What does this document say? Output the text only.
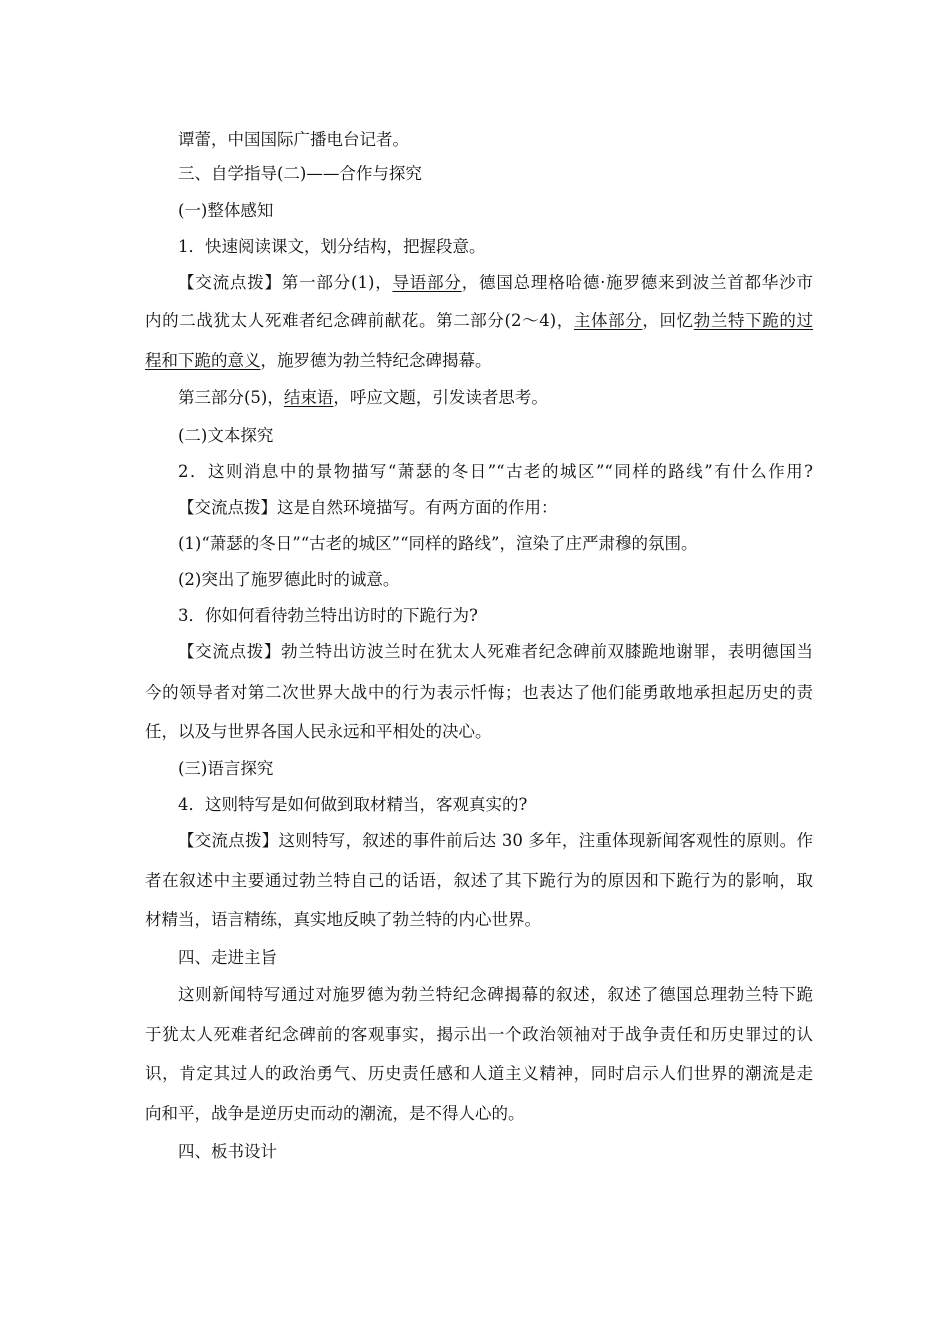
谭蕾，中国国际广播电台记者。
三、自学指导(二)——合作与探究
(一)整体感知
1．快速阅读课文，划分结构，把握段意。
【交流点拨】第一部分(1)，导语部分，德国总理格哈德·施罗德来到波兰首都华沙市
内的二战犹太人死难者纪念碑前献花。第二部分(2～4)，主体部分，回忆勃兰特下跪的过
程和下跪的意义，施罗德为勃兰特纪念碑揭幕。
第三部分(5)，结束语，呼应文题，引发读者思考。
(二)文本探究
2．这则消息中的景物描写“萧瑟的冬日”“古老的城区”“同样的路线”有什么作用?
【交流点拨】这是自然环境描写。有两方面的作用：
(1)“萧瑟的冬日”“古老的城区”“同样的路线”，渲染了庄严肃穆的氛围。
(2)突出了施罗德此时的诚意。
3．你如何看待勃兰特出访时的下跪行为?
【交流点拨】勃兰特出访波兰时在犹太人死难者纪念碑前双膝跪地谢罪，表明德国当
今的领导者对第二次世界大战中的行为表示忏悔；也表达了他们能勇敢地承担起历史的责
任，以及与世界各国人民永远和平相处的决心。
(三)语言探究
4．这则特写是如何做到取材精当，客观真实的?
【交流点拨】这则特写，叙述的事件前后达 30 多年，注重体现新闻客观性的原则。作
者在叙述中主要通过勃兰特自己的话语，叙述了其下跪行为的原因和下跪行为的影响，取
材精当，语言精练，真实地反映了勃兰特的内心世界。
四、走进主旨
这则新闻特写通过对施罗德为勃兰特纪念碑揭幕的叙述，叙述了德国总理勃兰特下跪
于犹太人死难者纪念碑前的客观事实，揭示出一个政治领袖对于战争责任和历史罪过的认
识，肯定其过人的政治勇气、历史责任感和人道主义精神，同时启示人们世界的潮流是走
向和平，战争是逆历史而动的潮流，是不得人心的。
四、板书设计
